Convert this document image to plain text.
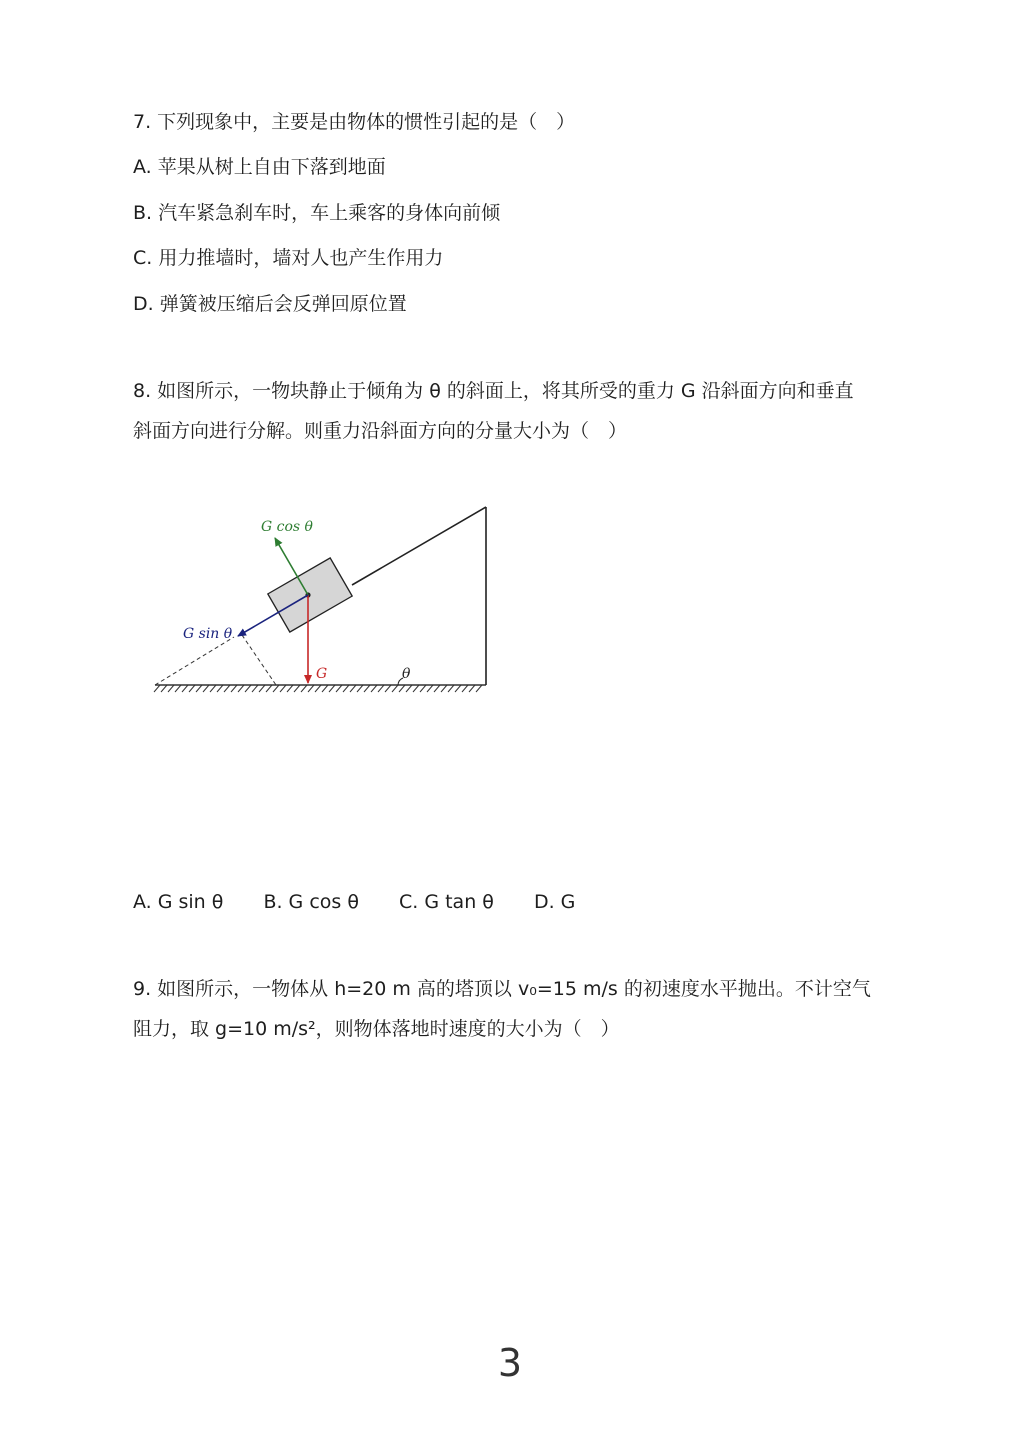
7. 下列现象中，主要是由物体的惯性引起的是（　）
A. 苹果从树上自由下落到地面
B. 汽车紧急刹车时，车上乘客的身体向前倾
C. 用力推墙时，墙对人也产生作用力
D. 弹簧被压缩后会反弹回原位置
8. 如图所示，一物块静止于倾角为 θ 的斜面上，将其所受的重力 G 沿斜面方向和垂直
斜面方向进行分解。则重力沿斜面方向的分量大小为（　）
G cos θ
G sin θ
G	θ
A. G sin θ B. G cos θ C. G tan θ D. G
9. 如图所示，一物体从 h=20 m 高的塔顶以 v₀=15 m/s 的初速度水平抛出。不计空气
阻力，取 g=10 m/s²，则物体落地时速度的大小为（　）
3
